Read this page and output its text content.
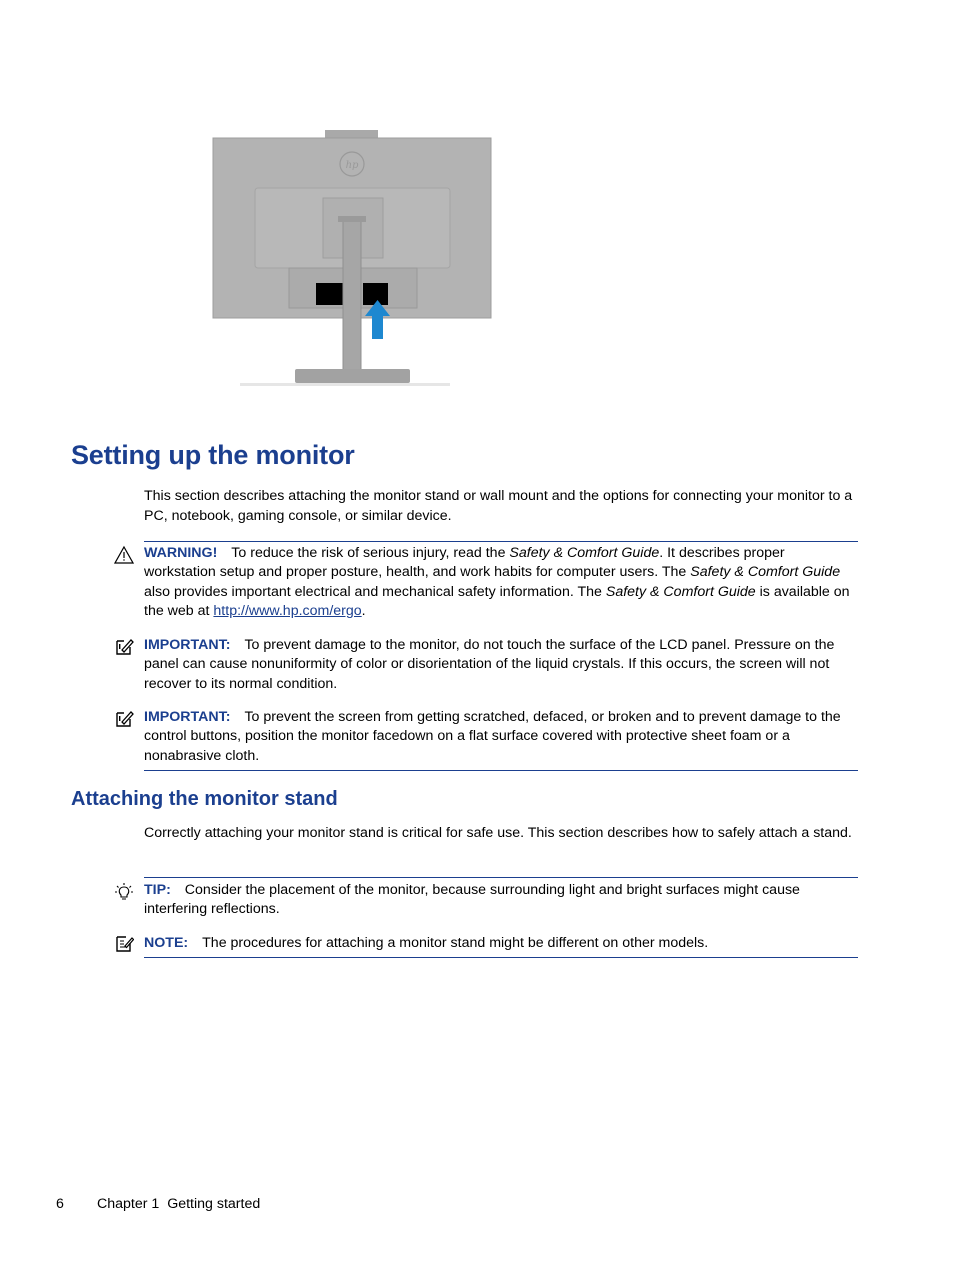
hp
Setting up the monitor

This section describes attaching the monitor stand or wall mount and the options for connecting your monitor to a PC, notebook, gaming console, or similar device.

WARNING! To reduce the risk of serious injury, read the Safety & Comfort Guide. It describes proper workstation setup and proper posture, health, and work habits for computer users. The Safety & Comfort Guide also provides important electrical and mechanical safety information. The Safety & Comfort Guide is available on the web at http://www.hp.com/ergo.
IMPORTANT: To prevent damage to the monitor, do not touch the surface of the LCD panel. Pressure on the panel can cause nonuniformity of color or disorientation of the liquid crystals. If this occurs, the screen will not recover to its normal condition.
IMPORTANT: To prevent the screen from getting scratched, defaced, or broken and to prevent damage to the control buttons, position the monitor facedown on a flat surface covered with protective sheet foam or a nonabrasive cloth.
Attaching the monitor stand

Correctly attaching your monitor stand is critical for safe use. This section describes how to safely attach a stand.

TIP: Consider the placement of the monitor, because surrounding light and bright surfaces might cause interfering reflections.
NOTE: The procedures for attaching a monitor stand might be different on other models.
6 Chapter 1  Getting started
